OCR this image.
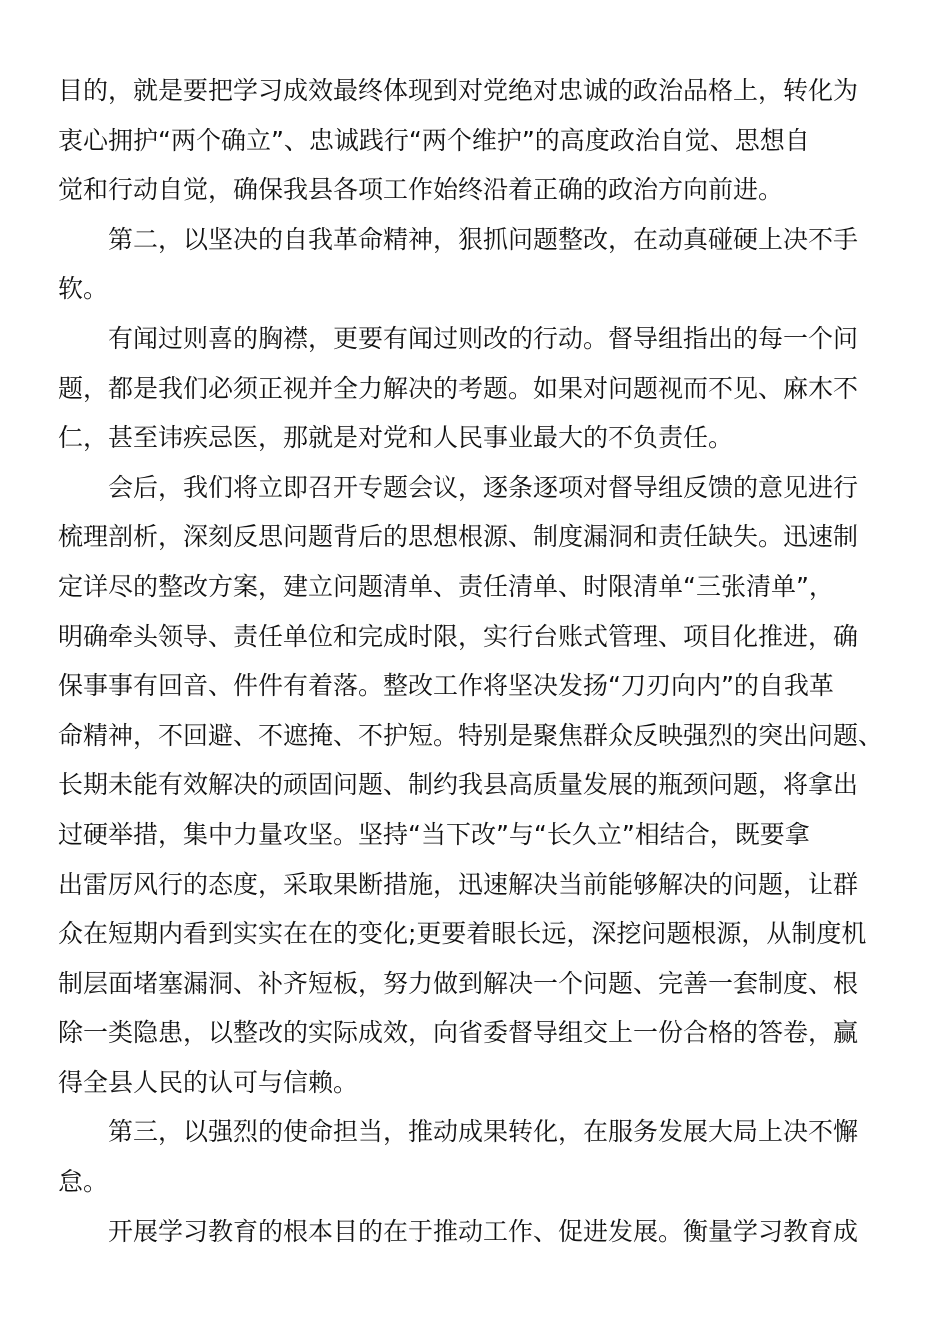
目的，就是要把学习成效最终体现到对党绝对忠诚的政治品格上，转化为
衷心拥护“两个确立”、忠诚践行“两个维护”的高度政治自觉、思想自
觉和行动自觉，确保我县各项工作始终沿着正确的政治方向前进。
　　第二，以坚决的自我革命精神，狠抓问题整改，在动真碰硬上决不手
软。
　　有闻过则喜的胸襟，更要有闻过则改的行动。督导组指出的每一个问
题，都是我们必须正视并全力解决的考题。如果对问题视而不见、麻木不
仁，甚至讳疾忌医，那就是对党和人民事业最大的不负责任。
　　会后，我们将立即召开专题会议，逐条逐项对督导组反馈的意见进行
梳理剖析，深刻反思问题背后的思想根源、制度漏洞和责任缺失。迅速制
定详尽的整改方案，建立问题清单、责任清单、时限清单“三张清单”，
明确牵头领导、责任单位和完成时限，实行台账式管理、项目化推进，确
保事事有回音、件件有着落。整改工作将坚决发扬“刀刃向内”的自我革
命精神，不回避、不遮掩、不护短。特别是聚焦群众反映强烈的突出问题、
长期未能有效解决的顽固问题、制约我县高质量发展的瓶颈问题，将拿出
过硬举措，集中力量攻坚。坚持“当下改”与“长久立”相结合，既要拿
出雷厉风行的态度，采取果断措施，迅速解决当前能够解决的问题，让群
众在短期内看到实实在在的变化;更要着眼长远，深挖问题根源，从制度机
制层面堵塞漏洞、补齐短板，努力做到解决一个问题、完善一套制度、根
除一类隐患，以整改的实际成效，向省委督导组交上一份合格的答卷，赢
得全县人民的认可与信赖。
　　第三，以强烈的使命担当，推动成果转化，在服务发展大局上决不懈
怠。
　　开展学习教育的根本目的在于推动工作、促进发展。衡量学习教育成
